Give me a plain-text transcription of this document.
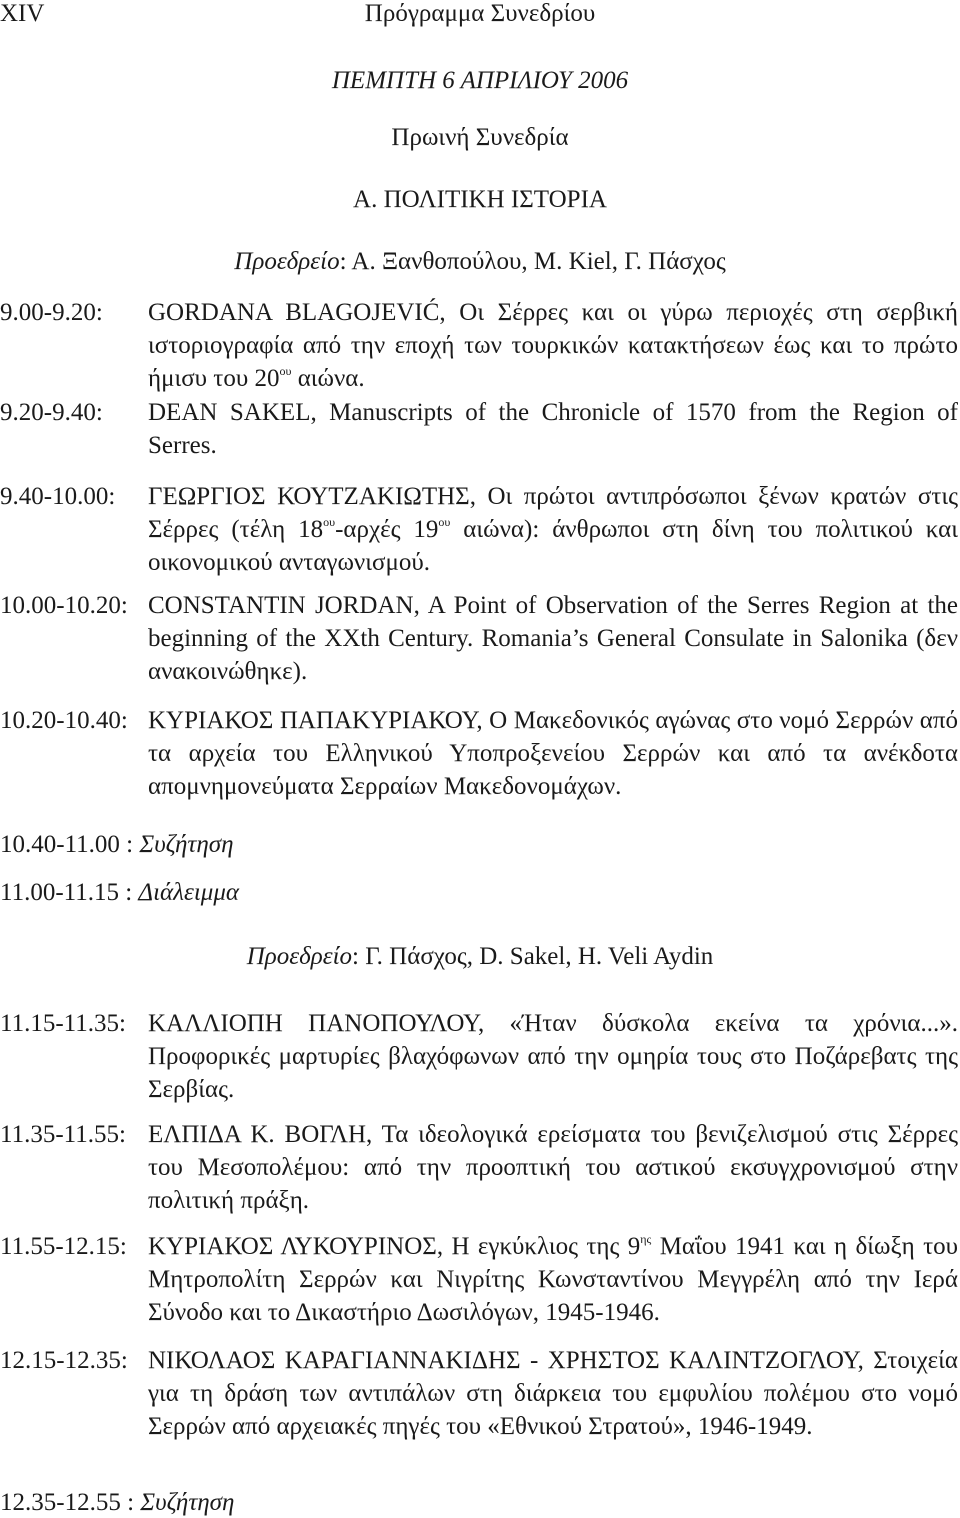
XIV	Πρόγραμμα Συνεδρίου
ΠΕΜΠΤΗ 6 ΑΠΡΙΛΙΟΥ 2006
Πρωινή Συνεδρία
Α. ΠΟΛΙΤΙΚΗ ΙΣΤΟΡΙΑ
Προεδρείο: Α. Ξανθοπούλου, M. Kiel, Γ. Πάσχος
9.00-9.20: GORDANA BLAGOJEVIĆ, Οι Σέρρες και οι γύρω περιοχές στη σερβική ιστοριογραφία από την εποχή των τουρκικών κατακτήσεων έως και το πρώτο ήμισυ του $20^{o\upsilon}$ αιώνα.
9.20-9.40: DEAN SAKEL, Manuscripts of the Chronicle of 1570 from the Region of Serres.
9.40-10.00: ΓΕΩΡΓΙΟΣ ΚΟΥΤΖΑΚΙΩΤΗΣ, Οι πρώτοι αντιπρόσωποι ξένων κρατών στις Σέρρες (τέλη $18^{o\upsilon}$-αρχές $19^{o\upsilon}$ αιώνα): άνθρωποι στη δίνη του πολιτικού και οικονομικού ανταγωνισμού.
10.00-10.20: CONSTANTIN JORDAN, A Point of Observation of the Serres Region at the beginning of the XXth Century. Romania’s General Consulate in Salonika (δεν ανακοινώθηκε).
10.20-10.40: ΚΥΡΙΑΚΟΣ ΠΑΠΑΚΥΡΙΑΚΟΥ, Ο Μακεδονικός αγώνας στο νομό Σερρών από τα αρχεία του Ελληνικού Υποπροξενείου Σερρών και από τα ανέκδοτα απομνημονεύματα Σερραίων Μακεδονομάχων.
10.40-11.00 : Συζήτηση
11.00-11.15 : Διάλειμμα
Προεδρείο: Γ. Πάσχος, D. Sakel, H. Veli Aydin
11.15-11.35: ΚΑΛΛΙΟΠΗ ΠΑΝΟΠΟΥΛΟΥ, «Ήταν δύσκολα εκείνα τα χρόνια...». Προφορικές μαρτυρίες βλαχόφωνων από την ομηρία τους στο Ποζάρεβατς της Σερβίας.
11.35-11.55: ΕΛΠΙΔΑ Κ. ΒΟΓΛΗ, Τα ιδεολογικά ερείσματα του βενιζελισμού στις Σέρρες του Μεσοπολέμου: από την προοπτική του αστικού εκσυγχρονισμού στην πολιτική πράξη.
11.55-12.15: ΚΥΡΙΑΚΟΣ ΛΥΚΟΥΡΙΝΟΣ, Η εγκύκλιος της $9^{\eta\varsigma}$ Μαΐου 1941 και η δίωξη του Μητροπολίτη Σερρών και Νιγρίτης Κωνσταντίνου Μεγγρέλη από την Ιερά Σύνοδο και το Δικαστήριο Δωσιλόγων, 1945-1946.
12.15-12.35: ΝΙΚΟΛΑΟΣ ΚΑΡΑΓΙΑΝΝΑΚΙΔΗΣ - ΧΡΗΣΤΟΣ ΚΑΛΙΝΤΖΟΓΛΟΥ, Στοιχεία για τη δράση των αντιπάλων στη διάρκεια του εμφυλίου πολέμου στο νομό Σερρών από αρχειακές πηγές του «Εθνικού Στρατού», 1946-1949.
12.35-12.55 : Συζήτηση
